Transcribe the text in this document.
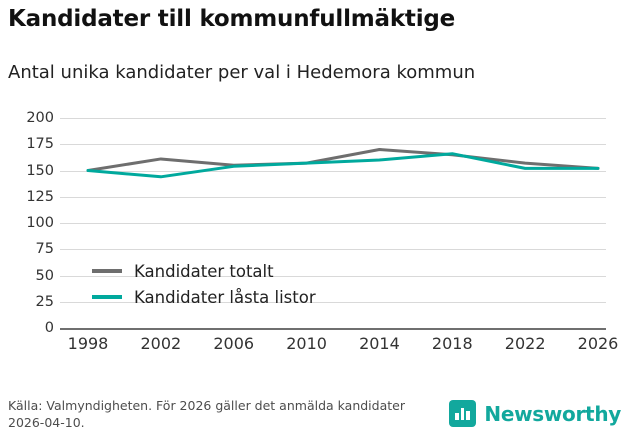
Kandidater till kommunfullmäktige
Antal unika kandidater per val i Hedemora kommun
0
25
50
75
100
125
150
175
200
1998 2002 2006 2010 2014 2018 2022 2026
Kandidater totalt
Kandidater låsta listor
Källa: Valmyndigheten. För 2026 gäller det anmälda kandidater 2026-04-10.	Newsworthy
